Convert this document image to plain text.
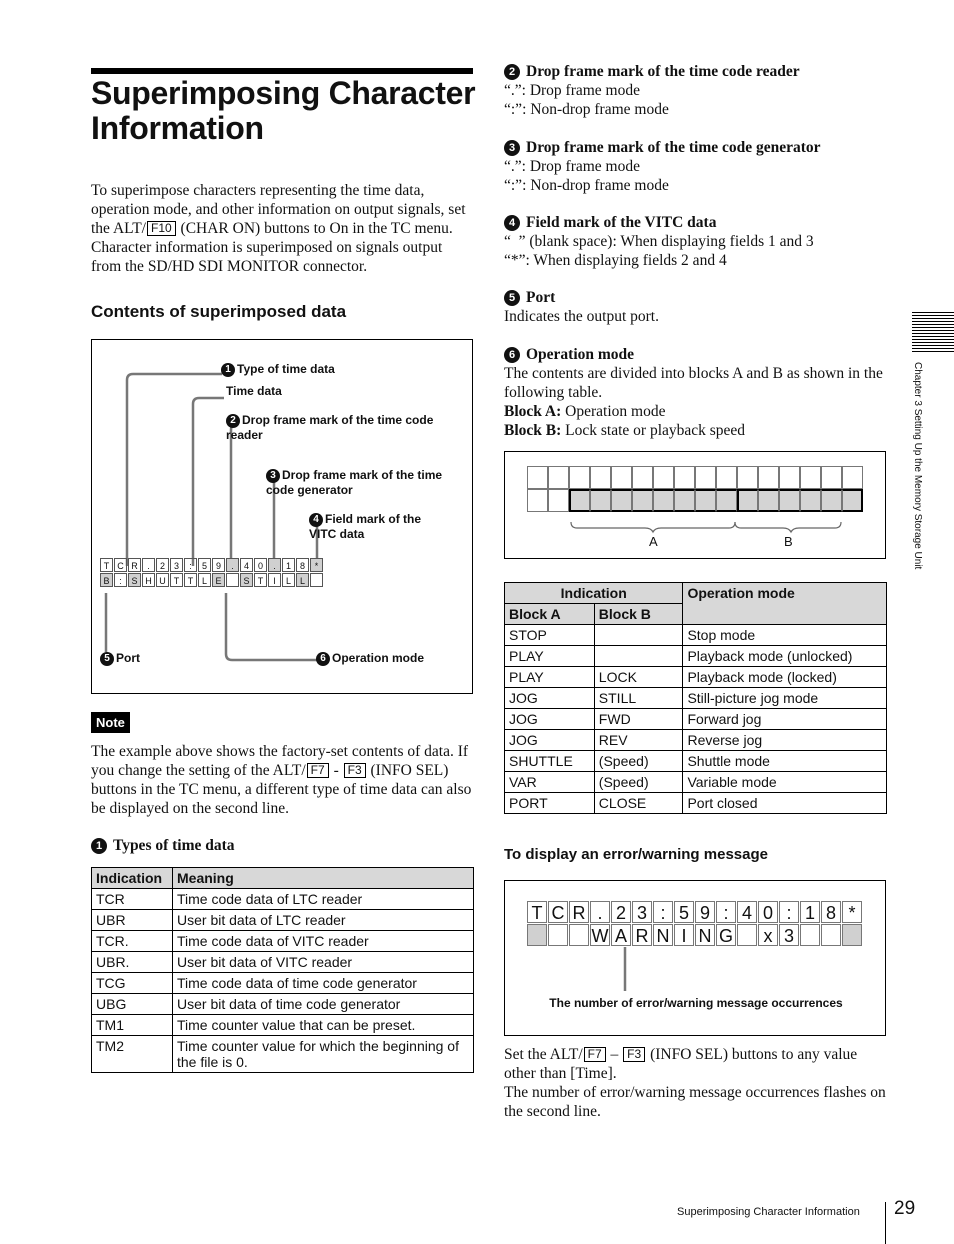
Superimposing Character Information
To superimpose characters representing the time data, operation mode, and other information on output signals, set the ALT/ F10 (CHAR ON) buttons to On in the TC menu. Character information is superimposed on signals output from the SD/HD SDI MONITOR connector.
Contents of superimposed data
1 Type of time data
Time data
2 Drop frame mark of the time code reader
3 Drop frame mark of the time code generator
4 Field mark of the VITC data
5 Port	6 Operation mode
T C R	.	2 3	:	5 9	.	4 0	.	1 8	*
B	:	S H U T T L E	S T	I	L L
Note
The example above shows the factory-set contents of data. If you change the setting of the ALT/ F7 - F3 (INFO SEL) buttons in the TC menu, a different type of time data can also be displayed on the second line.
1 Types of time data
Indication	Meaning
TCR	Time code data of LTC reader
UBR	User bit data of LTC reader
TCR.	Time code data of VITC reader
UBR.	User bit data of VITC reader
TCG	Time code data of time code generator
UBG	User bit data of time code generator
TM1	Time counter value that can be preset.
TM2	Time counter value for which the beginning of the file is 0.
2 Drop frame mark of the time code reader
“.”: Drop frame mode
“:”: Non-drop frame mode
3 Drop frame mark of the time code generator
“.”: Drop frame mode
“:”: Non-drop frame mode
4 Field mark of the VITC data
“  ” (blank space): When displaying fields 1 and 3
“*”: When displaying fields 2 and 4
5 Port
Indicates the output port.
6 Operation mode
The contents are divided into blocks A and B as shown in the following table.
Block A: Operation mode
Block B: Lock state or playback speed
A	B
Indication		Operation mode
Block A	Block B	
STOP		Stop mode
PLAY		Playback mode (unlocked)
PLAY	LOCK	Playback mode (locked)
JOG	STILL	Still-picture jog mode
JOG	FWD	Forward jog
JOG	REV	Reverse jog
SHUTTLE	(Speed)	Shuttle mode
VAR	(Speed)	Variable mode
PORT	CLOSE	Port closed
To display an error/warning message
T C R . 2 3 : 5 9 : 4 0 : 1 8 *
W A R N I N G	x 3
The number of error/warning message occurrences
Set the ALT/ F7 – F3 (INFO SEL) buttons to any value other than [Time].
The number of error/warning message occurrences flashes on the second line.
Chapter 3 Setting Up the Memory Storage Unit
Superimposing Character Information 29
